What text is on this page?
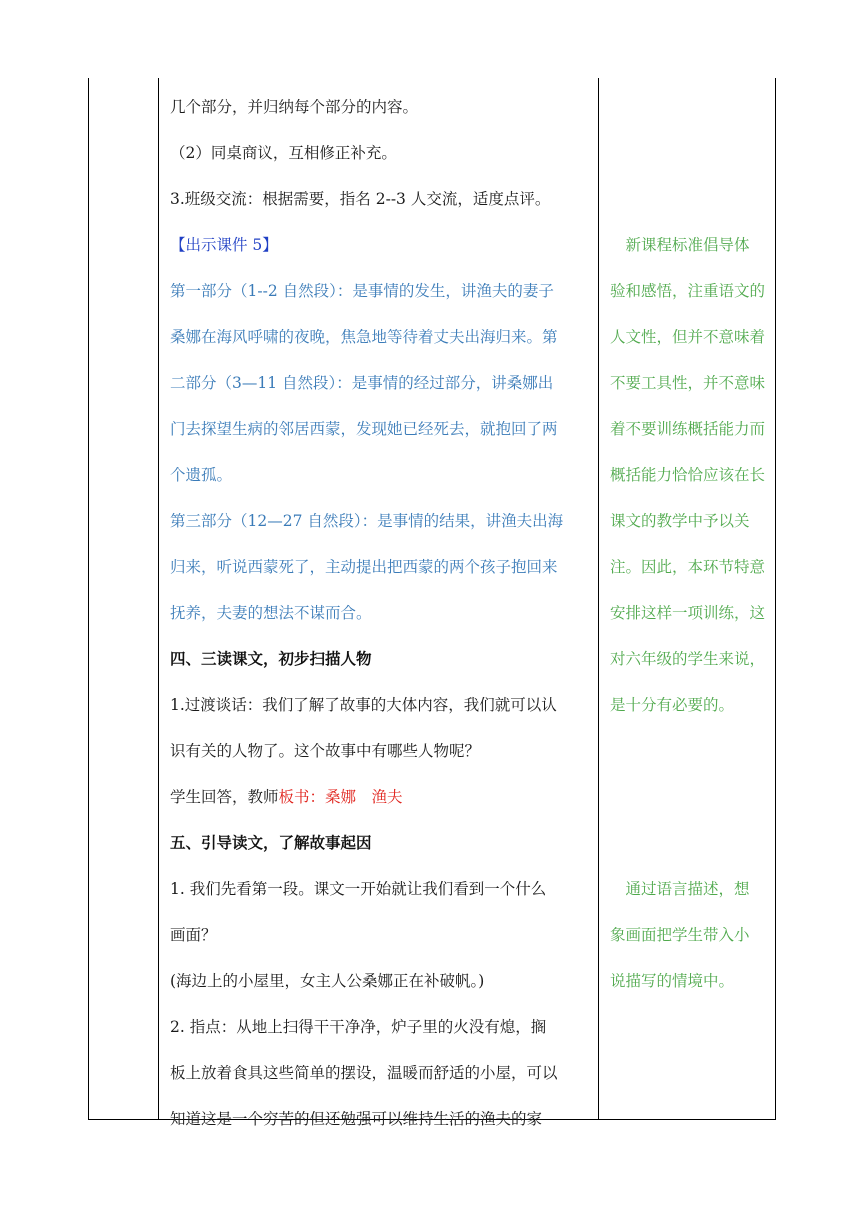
几个部分，并归纳每个部分的内容。
（2）同桌商议，互相修正补充。
3.班级交流：根据需要，指名 2--3 人交流，适度点评。
【出示课件 5】
第一部分（1--2 自然段）：是事情的发生，讲渔夫的妻子
桑娜在海风呼啸的夜晚，焦急地等待着丈夫出海归来。第
二部分（3—11 自然段）：是事情的经过部分，讲桑娜出
门去探望生病的邻居西蒙，发现她已经死去，就抱回了两
个遗孤。
第三部分（12—27 自然段）：是事情的结果，讲渔夫出海
归来，听说西蒙死了，主动提出把西蒙的两个孩子抱回来
抚养，夫妻的想法不谋而合。
四、三读课文，初步扫描人物
1.过渡谈话：我们了解了故事的大体内容，我们就可以认
识有关的人物了。这个故事中有哪些人物呢？
学生回答，教师板书：桑娜　渔夫
五、引导读文，了解故事起因
1. 我们先看第一段。课文一开始就让我们看到一个什么
画面？
(海边上的小屋里，女主人公桑娜正在补破帆。)
2. 指点：从地上扫得干干净净，炉子里的火没有熄，搁
板上放着食具这些简单的摆设，温暖而舒适的小屋，可以
知道这是一个穷苦的但还勉强可以维持生活的渔夫的家
　新课程标准倡导体
验和感悟，注重语文的
人文性，但并不意味着
不要工具性，并不意味
着不要训练概括能力而
概括能力恰恰应该在长
课文的教学中予以关
注。因此，本环节特意
安排这样一项训练，这
对六年级的学生来说，
是十分有必要的。
　通过语言描述，想
象画面把学生带入小
说描写的情境中。
